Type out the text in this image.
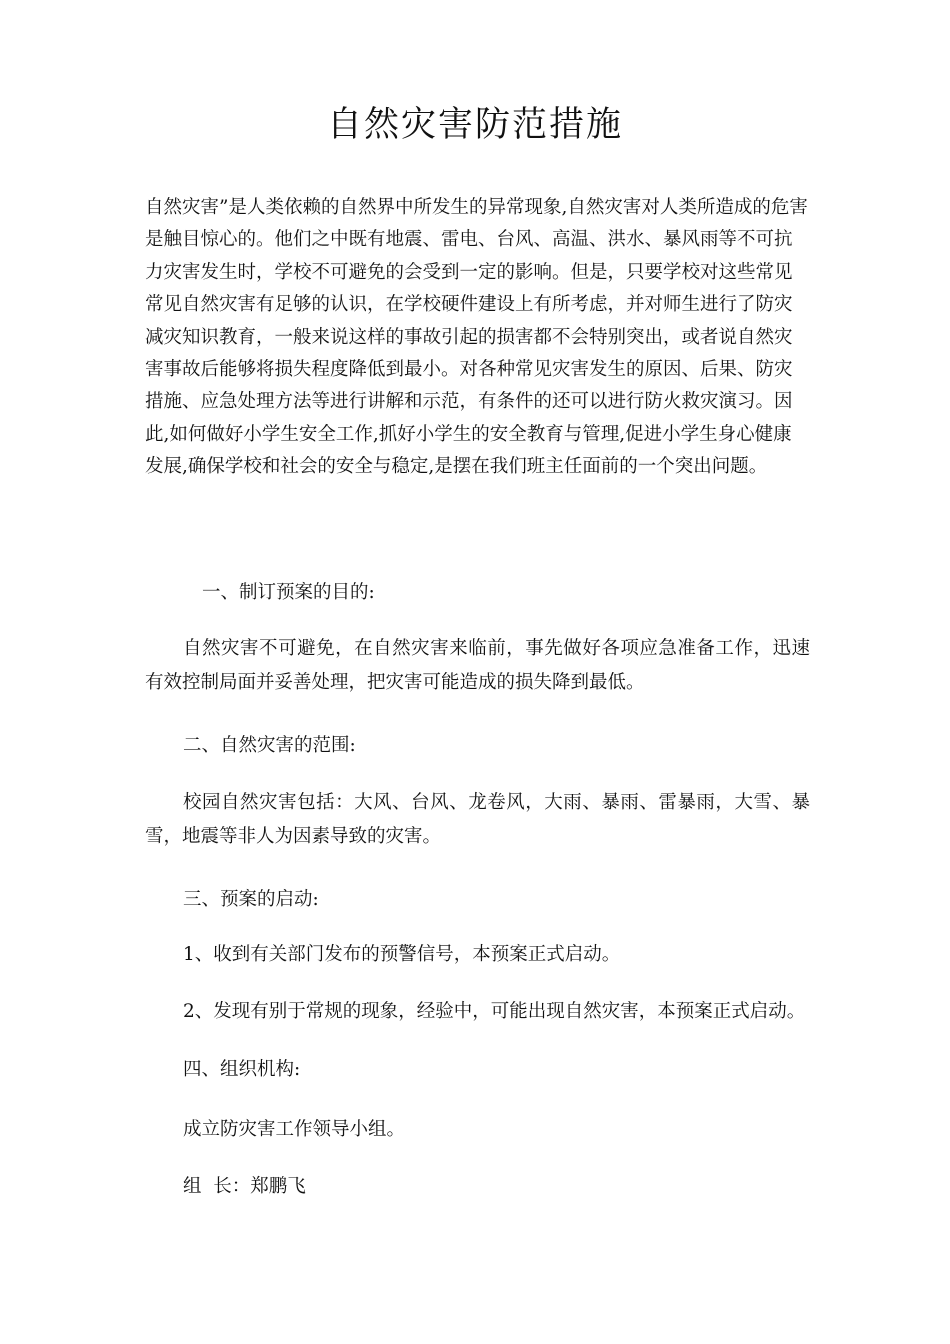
自然灾害防范措施

自然灾害”是人类依赖的自然界中所发生的异常现象,自然灾害对人类所造成的危害是触目惊心的。他们之中既有地震、雷电、台风、高温、洪水、暴风雨等不可抗力灾害发生时，学校不可避免的会受到一定的影响。但是，只要学校对这些常见常见自然灾害有足够的认识，在学校硬件建设上有所考虑，并对师生进行了防灾减灾知识教育，一般来说这样的事故引起的损害都不会特别突出，或者说自然灾害事故后能够将损失程度降低到最小。对各种常见灾害发生的原因、后果、防灾措施、应急处理方法等进行讲解和示范，有条件的还可以进行防火救灾演习。因此,如何做好小学生安全工作,抓好小学生的安全教育与管理,促进小学生身心健康发展,确保学校和社会的安全与稳定,是摆在我们班主任面前的一个突出问题。

一、制订预案的目的:
自然灾害不可避免，在自然灾害来临前，事先做好各项应急准备工作，迅速有效控制局面并妥善处理，把灾害可能造成的损失降到最低。
二、自然灾害的范围:
校园自然灾害包括：大风、台风、龙卷风，大雨、暴雨、雷暴雨，大雪、暴雪，地震等非人为因素导致的灾害。
三、预案的启动:
1、收到有关部门发布的预警信号，本预案正式启动。
2、发现有别于常规的现象，经验中，可能出现自然灾害，本预案正式启动。
四、组织机构:
成立防灾害工作领导小组。
组  长：郑鹏飞
